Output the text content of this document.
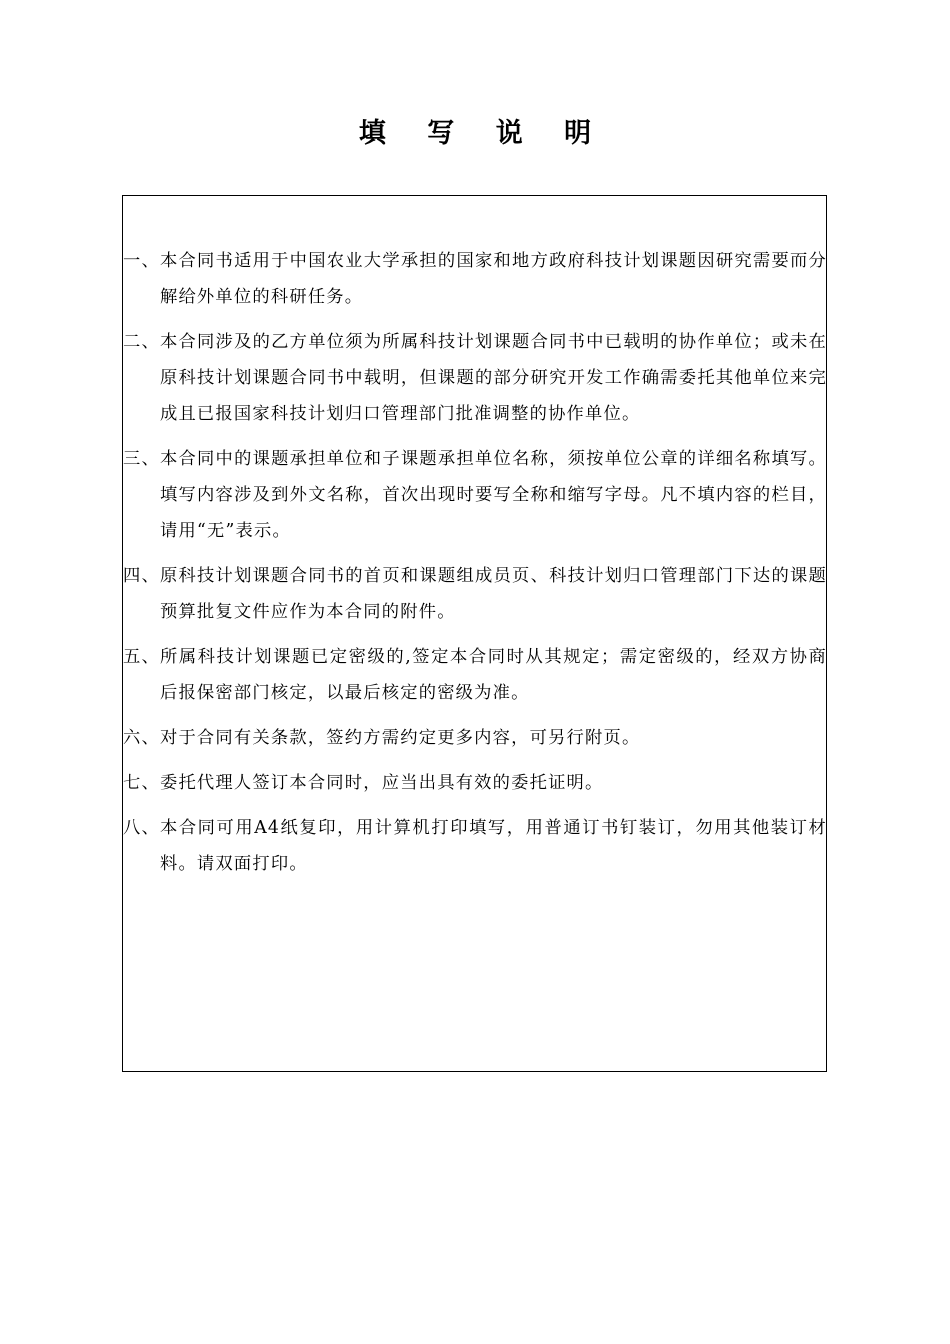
填 写 说 明
一、 本合同书适用于中国农业大学承担的国家和地方政府科技计划课题因研究需要而分解给外单位的科研任务。
二、 本合同涉及的乙方单位须为所属科技计划课题合同书中已载明的协作单位；或未在原科技计划课题合同书中载明，但课题的部分研究开发工作确需委托其他单位来完成且已报国家科技计划归口管理部门批准调整的协作单位。
三、 本合同中的课题承担单位和子课题承担单位名称，须按单位公章的详细名称填写。填写内容涉及到外文名称，首次出现时要写全称和缩写字母。凡不填内容的栏目，请用“无”表示。
四、 原科技计划课题合同书的首页和课题组成员页、科技计划归口管理部门下达的课题预算批复文件应作为本合同的附件。
五、 所属科技计划课题已定密级的,签定本合同时从其规定；需定密级的，经双方协商后报保密部门核定，以最后核定的密级为准。
六、 对于合同有关条款，签约方需约定更多内容，可另行附页。
七、 委托代理人签订本合同时，应当出具有效的委托证明。
八、 本合同可用A4纸复印，用计算机打印填写，用普通订书钉装订，勿用其他装订材料。请双面打印。
